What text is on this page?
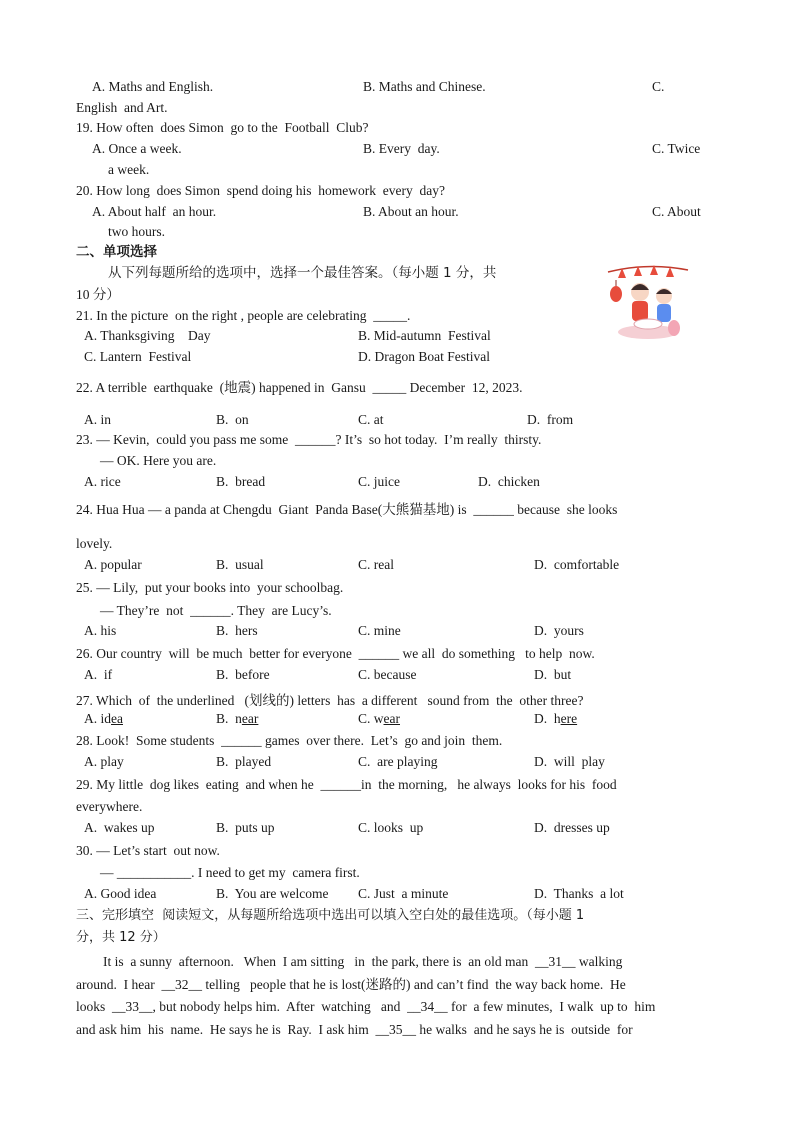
A. Maths and English.	B. Maths and Chinese.	C.
English  and Art.
19. How often  does Simon  go to the  Football  Club?
A. Once a week.	B. Every  day.	C. Twice
a week.
20. How long  does Simon  spend doing his  homework  every  day?
A. About half  an hour.	B. About an hour.	C. About
two hours.
二、单项选择
从下列每题所给的选项中，选择一个最佳答案。（每小题 1 分，共
10 分）
21. In the picture  on the right , people are celebrating  _____.
A. Thanksgiving    Day	B. Mid-autumn  Festival
C. Lantern  Festival	D. Dragon Boat Festival
22. A terrible  earthquake  (地震) happened in  Gansu  _____ December  12, 2023.
A. in	B.  on	C. at	D.  from
23. — Kevin,  could you pass me some  ______? It’s  so hot today.  I’m really  thirsty.
— OK. Here you are.
A. rice	B.  bread	C. juice	D.  chicken
24. Hua Hua — a panda at Chengdu  Giant  Panda Base(大熊猫基地) is  ______ because  she looks
lovely.
A. popular	B.  usual	C. real	D.  comfortable
25. — Lily,  put your books into  your schoolbag.
— They’re  not  ______. They  are Lucy’s.
A. his	B.  hers	C. mine	D.  yours
26. Our country  will  be much  better for everyone  ______ we all  do something   to help  now.
A.  if	B.  before	C. because	D.  but
27. Which  of  the underlined   (划线的) letters  has  a different   sound from  the  other three?
A. idea	B.  near	C. wear	D.  here
28. Look!  Some students  ______ games  over there.  Let’s  go and join  them.
A. play	B.  played	C.  are playing	D.  will  play
29. My little  dog likes  eating  and when he  ______in  the morning,   he always  looks for his  food
everywhere.
A.  wakes up	B.  puts up	C. looks  up	D.  dresses up
30. — Let’s start  out now.
— ___________. I need to get my  camera first.
A. Good idea	B.  You are welcome C. Just  a minute	D.  Thanks  a lot
三、完形填空  阅读短文，从每题所给选项中选出可以填入空白处的最佳选项。（每小题 1
分，共 12 分）
It is  a sunny  afternoon.   When  I am sitting   in  the park, there is  an old man  __31__ walking
around.  I hear  __32__ telling   people that he is lost(迷路的) and can’t find  the way back home.  He
looks  __33__, but nobody helps him.  After  watching   and  __34__ for  a few minutes,  I walk  up to  him
and ask him  his  name.  He says he is  Ray.  I ask him  __35__ he walks  and he says he is  outside  for
